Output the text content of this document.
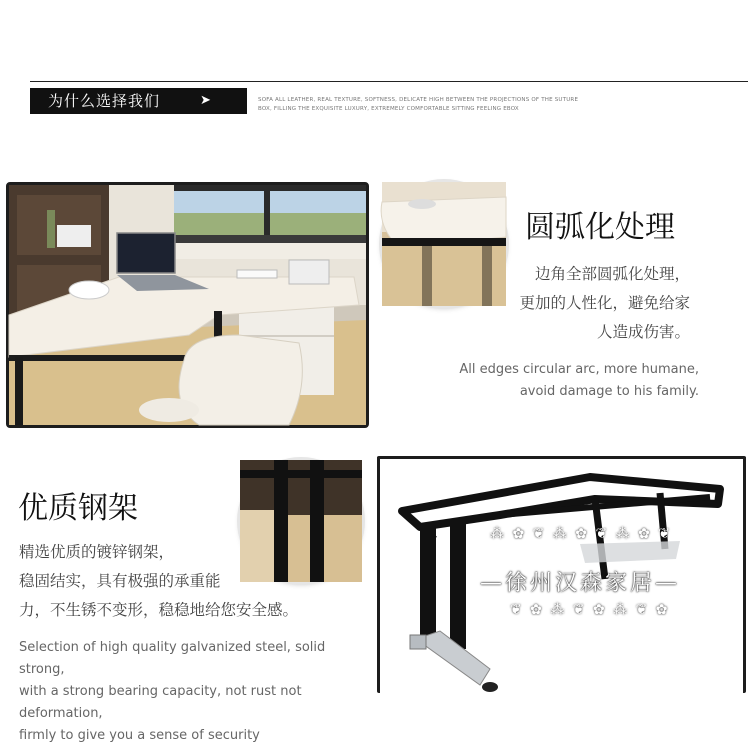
为什么选择我们	➤	SOFA ALL LEATHER, REAL TEXTURE, SOFTNESS, DELICATE HIGH BETWEEN THE PROJECTIONS OF THE SUTURE
BOX, FILLING THE EXQUISITE LUXURY, EXTREMELY COMFORTABLE SITTING FEELING EBOX
圆弧化处理
边角全部圆弧化处理，
更加的人性化，避免给家
人造成伤害。
All edges circular arc, more humane,
avoid damage to his family.
优质钢架
精选优质的镀锌钢架，
稳固结实，具有极强的承重能
力，不生锈不变形，稳稳地给您安全感。
Selection of high quality galvanized steel, solid strong,
with a strong bearing capacity, not rust not deformation,
firmly to give you a sense of security
⁂ ✿ ❦ ⁂ ✿ ❦ ⁂ ✿ ❦
—徐州汉森家居—
❦ ✿ ⁂ ❦ ✿ ⁂ ❦ ✿
